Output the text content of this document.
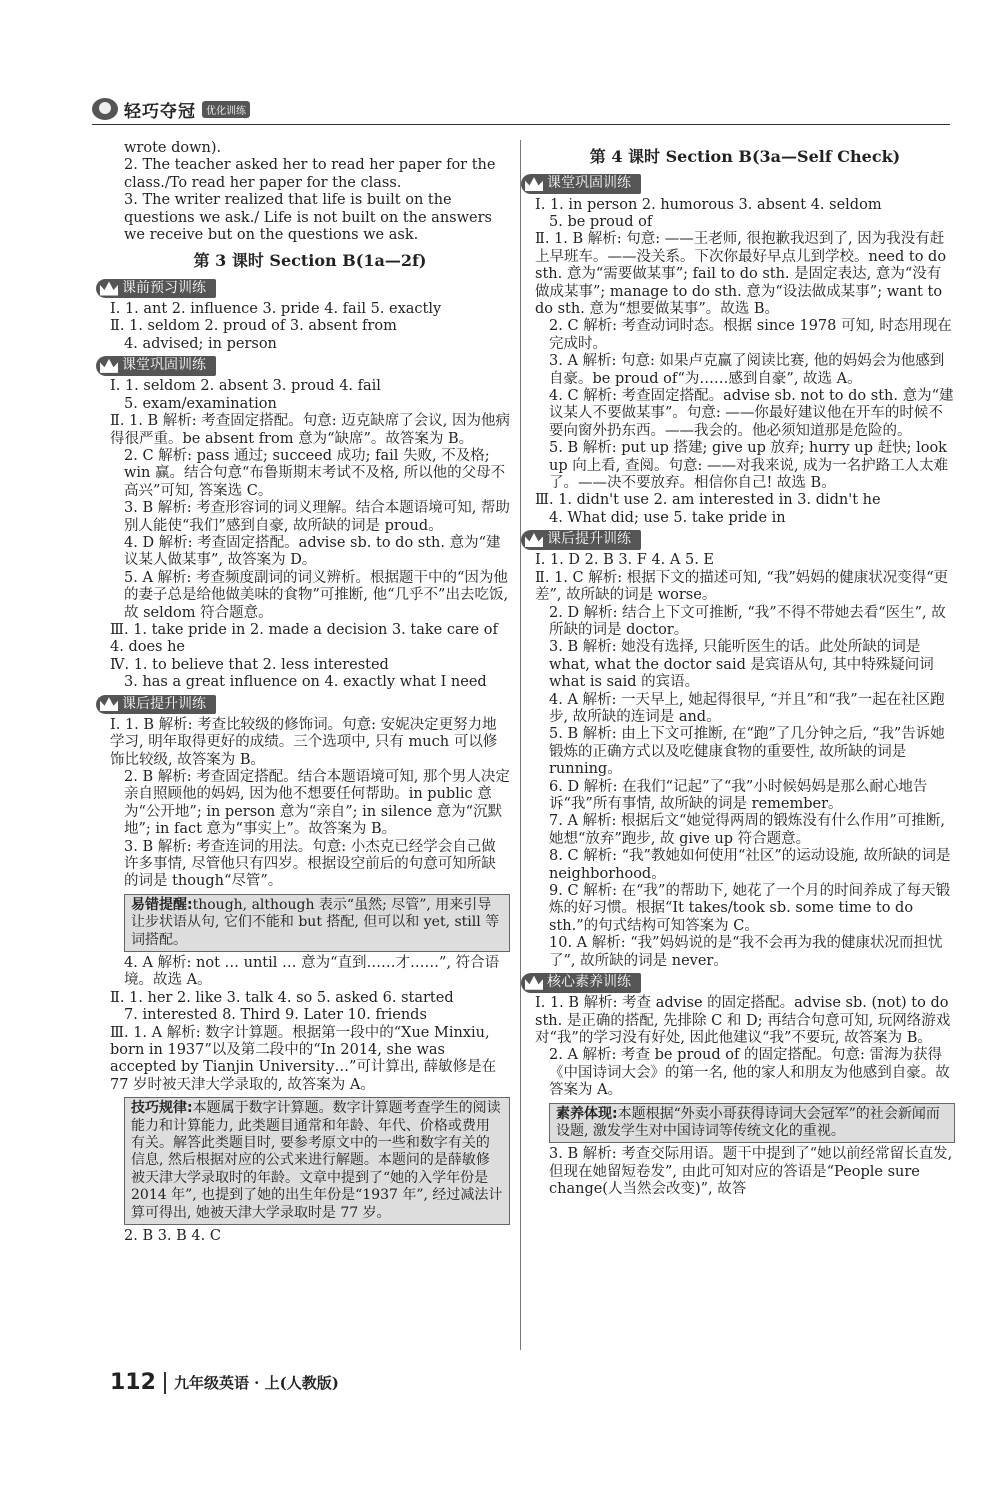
轻巧夺冠	优化训练

wrote down).

2. The teacher asked her to read her paper for the class./To read her paper for the class.

3. The writer realized that life is built on the questions we ask./ Life is not built on the answers we receive but on the questions we ask.

第 3 课时 Section B(1a—2f)
课前预习训练

Ⅰ. 1. ant 2. influence 3. pride 4. fail 5. exactly

Ⅱ. 1. seldom 2. proud of 3. absent from

4. advised; in person

课堂巩固训练

Ⅰ. 1. seldom 2. absent 3. proud 4. fail

5. exam/examination

Ⅱ. 1. B 解析: 考查固定搭配。句意: 迈克缺席了会议, 因为他病得很严重。be absent from 意为“缺席”。故答案为 B。

2. C 解析: pass 通过; succeed 成功; fail 失败, 不及格; win 赢。结合句意“布鲁斯期末考试不及格, 所以他的父母不高兴”可知, 答案选 C。

3. B 解析: 考查形容词的词义理解。结合本题语境可知, 帮助别人能使“我们”感到自豪, 故所缺的词是 proud。

4. D 解析: 考查固定搭配。advise sb. to do sth. 意为“建议某人做某事”, 故答案为 D。

5. A 解析: 考查频度副词的词义辨析。根据题干中的“因为他的妻子总是给他做美味的食物”可推断, 他“几乎不”出去吃饭, 故 seldom 符合题意。

Ⅲ. 1. take pride in 2. made a decision 3. take care of 4. does he

Ⅳ. 1. to believe that 2. less interested

3. has a great influence on 4. exactly what I need

课后提升训练

Ⅰ. 1. B 解析: 考查比较级的修饰词。句意: 安妮决定更努力地学习, 明年取得更好的成绩。三个选项中, 只有 much 可以修饰比较级, 故答案为 B。

2. B 解析: 考查固定搭配。结合本题语境可知, 那个男人决定亲自照顾他的妈妈, 因为他不想要任何帮助。in public 意为“公开地”; in person 意为“亲自”; in silence 意为“沉默地”; in fact 意为“事实上”。故答案为 B。

3. B 解析: 考查连词的用法。句意: 小杰克已经学会自己做许多事情, 尽管他只有四岁。根据设空前后的句意可知所缺的词是 though“尽管”。

易错提醒:though, although 表示“虽然; 尽管”, 用来引导让步状语从句, 它们不能和 but 搭配, 但可以和 yet, still 等词搭配。

4. A 解析: not … until … 意为“直到……才……”, 符合语境。故选 A。

Ⅱ. 1. her 2. like 3. talk 4. so 5. asked 6. started

7. interested 8. Third 9. Later 10. friends

Ⅲ. 1. A 解析: 数字计算题。根据第一段中的“Xue Minxiu, born in 1937”以及第二段中的“In 2014, she was accepted by Tianjin University…”可计算出, 薛敏修是在 77 岁时被天津大学录取的, 故答案为 A。

技巧规律:本题属于数字计算题。数字计算题考查学生的阅读能力和计算能力, 此类题目通常和年龄、年代、价格或费用有关。解答此类题目时, 要参考原文中的一些和数字有关的信息, 然后根据对应的公式来进行解题。本题问的是薛敏修被天津大学录取时的年龄。文章中提到了“她的入学年份是 2014 年”, 也提到了她的出生年份是“1937 年”, 经过减法计算可得出, 她被天津大学录取时是 77 岁。

2. B 3. B 4. C

第 4 课时 Section B(3a—Self Check)
课堂巩固训练

Ⅰ. 1. in person 2. humorous 3. absent 4. seldom

5. be proud of

Ⅱ. 1. B 解析: 句意: ——王老师, 很抱歉我迟到了, 因为我没有赶上早班车。——没关系。下次你最好早点儿到学校。need to do sth. 意为“需要做某事”; fail to do sth. 是固定表达, 意为“没有做成某事”; manage to do sth. 意为“设法做成某事”; want to do sth. 意为“想要做某事”。故选 B。

2. C 解析: 考查动词时态。根据 since 1978 可知, 时态用现在完成时。

3. A 解析: 句意: 如果卢克赢了阅读比赛, 他的妈妈会为他感到自豪。be proud of“为……感到自豪”, 故选 A。

4. C 解析: 考查固定搭配。advise sb. not to do sth. 意为“建议某人不要做某事”。句意: ——你最好建议他在开车的时候不要向窗外扔东西。——我会的。他必须知道那是危险的。

5. B 解析: put up 搭建; give up 放弃; hurry up 赶快; look up 向上看, 查阅。句意: ——对我来说, 成为一名护路工人太难了。——决不要放弃。相信你自己! 故选 B。

Ⅲ. 1. didn't use 2. am interested in 3. didn't he

4. What did; use 5. take pride in

课后提升训练

Ⅰ. 1. D 2. B 3. F 4. A 5. E

Ⅱ. 1. C 解析: 根据下文的描述可知, “我”妈妈的健康状况变得“更差”, 故所缺的词是 worse。

2. D 解析: 结合上下文可推断, “我”不得不带她去看“医生”, 故所缺的词是 doctor。

3. B 解析: 她没有选择, 只能听医生的话。此处所缺的词是 what, what the doctor said 是宾语从句, 其中特殊疑问词 what is said 的宾语。

4. A 解析: 一天早上, 她起得很早, “并且”和“我”一起在社区跑步, 故所缺的连词是 and。

5. B 解析: 由上下文可推断, 在“跑”了几分钟之后, “我”告诉她锻炼的正确方式以及吃健康食物的重要性, 故所缺的词是 running。

6. D 解析: 在我们“记起”了“我”小时候妈妈是那么耐心地告诉“我”所有事情, 故所缺的词是 remember。

7. A 解析: 根据后文“她觉得两周的锻炼没有什么作用”可推断, 她想“放弃”跑步, 故 give up 符合题意。

8. C 解析: “我”教她如何使用“社区”的运动设施, 故所缺的词是 neighborhood。

9. C 解析: 在“我”的帮助下, 她花了一个月的时间养成了每天锻炼的好习惯。根据“It takes/took sb. some time to do sth.”的句式结构可知答案为 C。

10. A 解析: “我”妈妈说的是“我不会再为我的健康状况而担忧了”, 故所缺的词是 never。

核心素养训练

Ⅰ. 1. B 解析: 考查 advise 的固定搭配。advise sb. (not) to do sth. 是正确的搭配, 先排除 C 和 D; 再结合句意可知, 玩网络游戏对“我”的学习没有好处, 因此他建议“我”不要玩, 故答案为 B。

2. A 解析: 考查 be proud of 的固定搭配。句意: 雷海为获得《中国诗词大会》的第一名, 他的家人和朋友为他感到自豪。故答案为 A。

素养体现:本题根据“外卖小哥获得诗词大会冠军”的社会新闻而设题, 激发学生对中国诗词等传统文化的重视。

3. B 解析: 考查交际用语。题干中提到了“她以前经常留长直发, 但现在她留短卷发”, 由此可知对应的答语是“People sure change(人当然会改变)”, 故答

112 九年级英语 · 上(人教版)
